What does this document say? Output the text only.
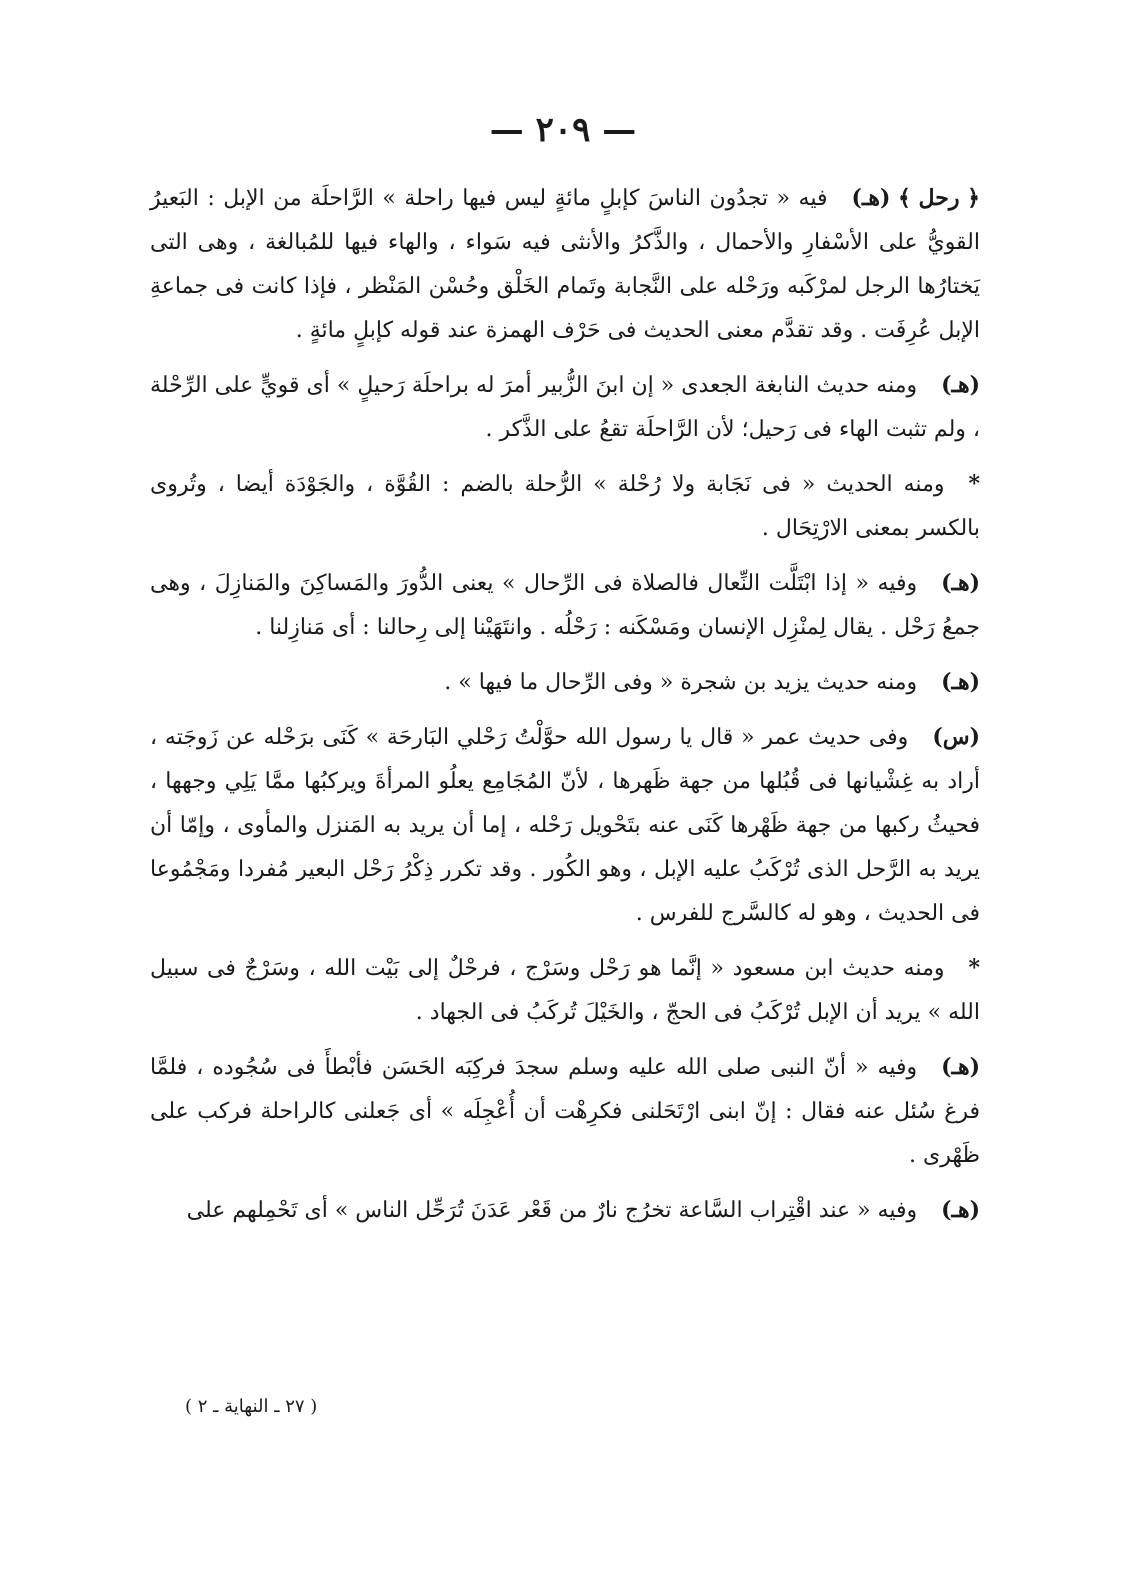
— ٢٠٩ —

﴿ رحل ﴾ (هـ)فيه « تجدُون الناسَ كإبلٍ مائةٍ ليس فيها راحلة » الرَّاحلَة من الإبل : البَعيرُ القويُّ على الأسْفارِ والأحمال ، والذَّكرُ والأنثى فيه سَواء ، والهاء فيها للمُبالغة ، وهى التى يَختارُها الرجل لمرْكَبه ورَحْله على النَّجابة وتَمام الخَلْق وحُسْن المَنْظر ، فإذا كانت فى جماعةِ الإبل عُرِفَت . وقد تقدَّم معنى الحديث فى حَرْف الهمزة عند قوله كإبلٍ مائةٍ .

(هـ)ومنه حديث النابغة الجعدى « إن ابنَ الزُّبير أمرَ له براحلَة رَحيلٍ » أى قويٍّ على الرِّحْلة ، ولم تثبت الهاء فى رَحيل؛ لأن الرَّاحلَة تقعُ على الذَّكر .

*ومنه الحديث « فى نَجَابة ولا رُحْلة » الرُّحلة بالضم : القُوَّة ، والجَوْدَة أيضا ، وتُروى بالكسر بمعنى الارْتِحَال .

(هـ)وفيه « إذا ابْتَلَّت النِّعال فالصلاة فى الرِّحال » يعنى الدُّورَ والمَساكِنَ والمَنازِلَ ، وهى جمعُ رَحْل . يقال لِمنْزِل الإنسان ومَسْكَنه : رَحْلُه . وانتَهَيْنا إلى رِحالنا : أى مَنازِلنا .

(هـ)ومنه حديث يزيد بن شجرة « وفى الرِّحال ما فيها » .

(س)وفى حديث عمر « قال يا رسول الله حوَّلْتُ رَحْلي البَارحَة » كَنَى برَحْله عن زَوجَته ، أراد به غِشْيانها فى قُبُلها من جهة ظَهرها ، لأنّ المُجَامِع يعلُو المرأةَ ويركبُها ممَّا يَلِي وجهها ، فحيثُ ركبها من جهة ظَهْرها كَنَى عنه بتَحْويل رَحْله ، إما أن يريد به المَنزل والمأوى ، وإمّا أن يريد به الرَّحل الذى تُرْكَبُ عليه الإبل ، وهو الكُور . وقد تكرر ذِكْرُ رَحْل البعير مُفردا ومَجْمُوعا فى الحديث ، وهو له كالسَّرج للفرس .

*ومنه حديث ابن مسعود « إنَّما هو رَحْل وسَرْج ، فرحْلٌ إلى بَيْت الله ، وسَرْجٌ فى سبيل الله » يريد أن الإبل تُرْكَبُ فى الحجّ ، والخَيْلَ تُركَبُ فى الجهاد .

(هـ)وفيه « أنّ النبى صلى الله عليه وسلم سجدَ فركِبَه الحَسَن فأبْطأَ فى سُجُوده ، فلمَّا فرغ سُئل عنه فقال : إنّ ابنى ارْتَحَلنى فكرِهْت أن أُعْجِلَه » أى جَعلنى كالراحلة فركب على ظَهْرى .

(هـ)وفيه « عند اقْتِراب السَّاعة تخرُج نارٌ من قَعْر عَدَنَ تُرَحِّل الناس » أى تَحْمِلهم على

( ٢٧ ـ النهاية ـ ٢ )
